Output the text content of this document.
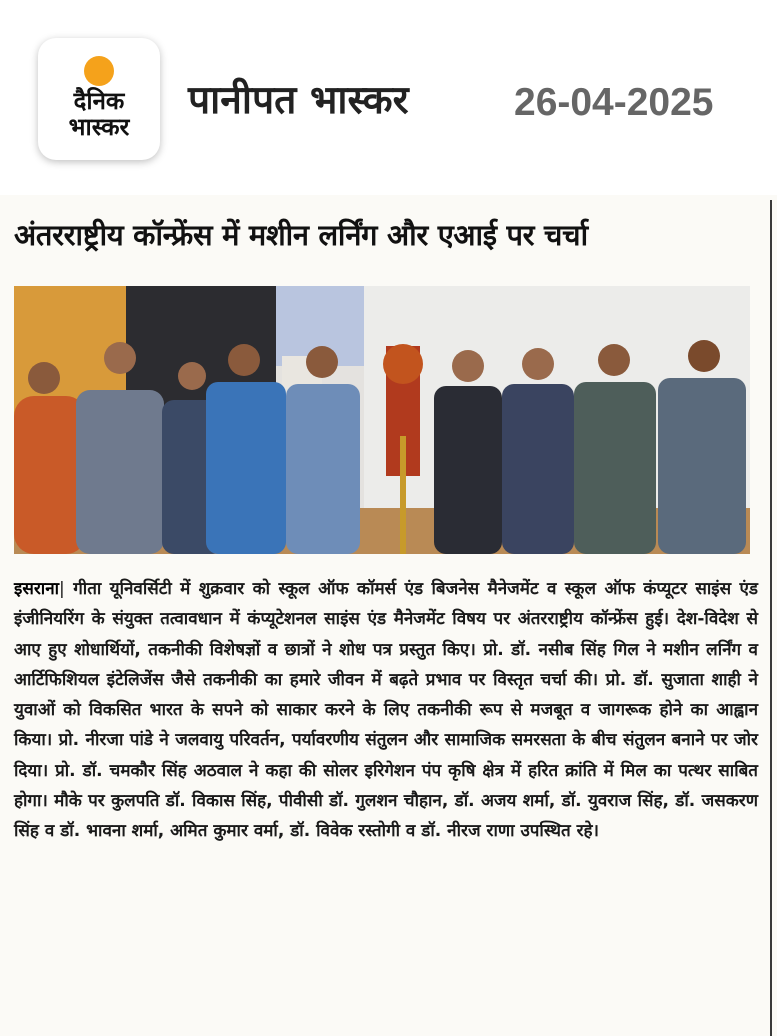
दैनिक
भास्कर
पानीपत भास्कर	26-04-2025
अंतरराष्ट्रीय कॉन्फ्रेंस में मशीन लर्निंग और एआई पर चर्चा
इसराना| गीता यूनिवर्सिटी में शुक्रवार को स्कूल ऑफ कॉमर्स एंड बिजनेस मैनेजमेंट व स्कूल ऑफ कंप्यूटर साइंस एंड इंजीनियरिंग के संयुक्त तत्वावधान में कंप्यूटेशनल साइंस एंड मैनेजमेंट विषय पर अंतरराष्ट्रीय कॉन्फ्रेंस हुई। देश-विदेश से आए हुए शोधार्थियों, तकनीकी विशेषज्ञों व छात्रों ने शोध पत्र प्रस्तुत किए। प्रो. डॉ. नसीब सिंह गिल ने मशीन लर्निंग व आर्टिफिशियल इंटेलिजेंस जैसे तकनीकी का हमारे जीवन में बढ़ते प्रभाव पर विस्तृत चर्चा की। प्रो. डॉ. सुजाता शाही ने युवाओं को विकसित भारत के सपने को साकार करने के लिए तकनीकी रूप से मजबूत व जागरूक होने का आह्वान किया। प्रो. नीरजा पांडे ने जलवायु परिवर्तन, पर्यावरणीय संतुलन और सामाजिक समरसता के बीच संतुलन बनाने पर जोर दिया। प्रो. डॉ. चमकौर सिंह अठवाल ने कहा की सोलर इरिगेशन पंप कृषि क्षेत्र में हरित क्रांति में मिल का पत्थर साबित होगा। मौके पर कुलपति डॉ. विकास सिंह, पीवीसी डॉ. गुलशन चौहान, डॉ. अजय शर्मा, डॉ. युवराज सिंह, डॉ. जसकरण सिंह व डॉ. भावना शर्मा, अमित कुमार वर्मा, डॉ. विवेक रस्तोगी व डॉ. नीरज राणा उपस्थित रहे।
